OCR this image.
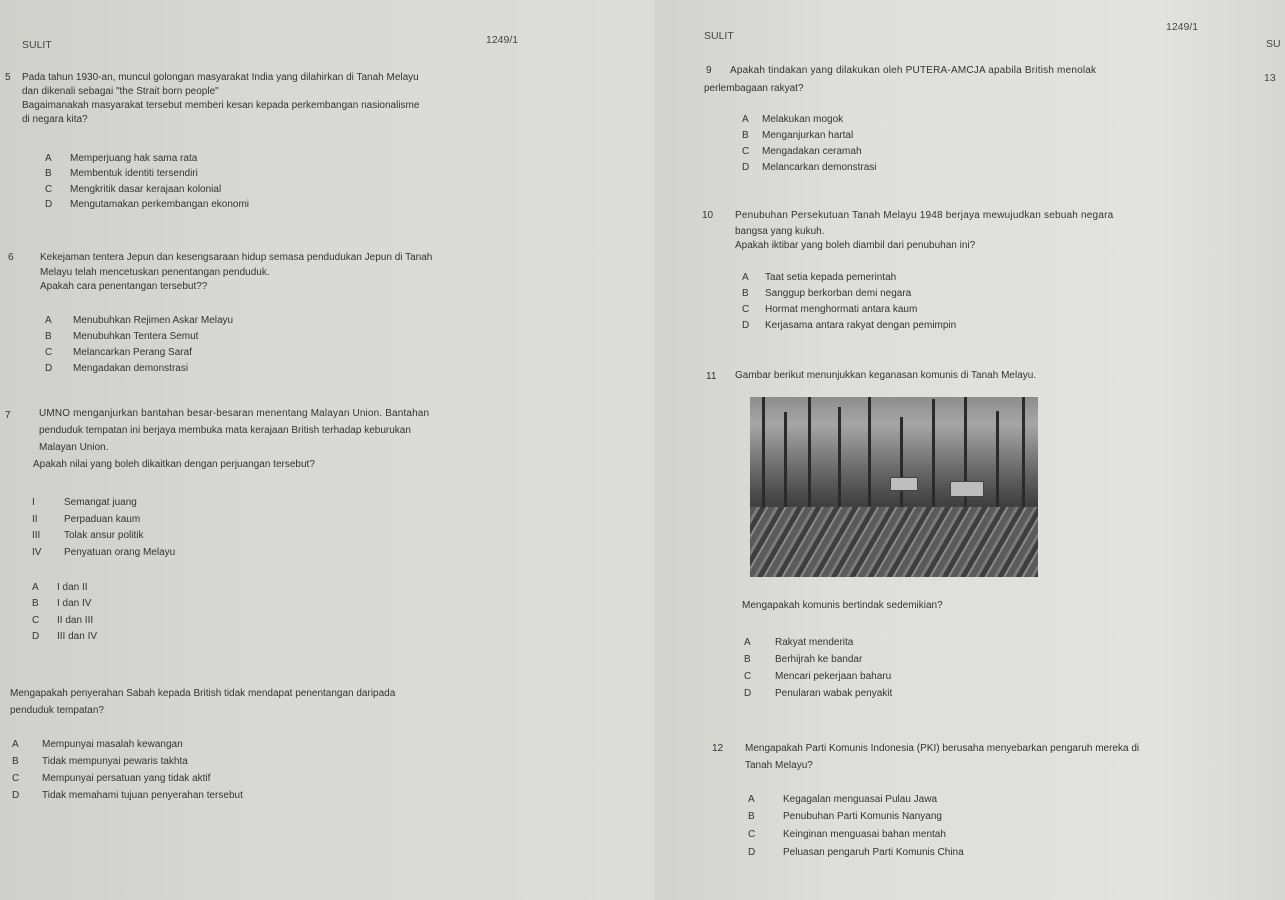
SULIT	1249/1
5 Pada tahun 1930-an, muncul golongan masyarakat India yang dilahirkan di Tanah Melayu
dan dikenali sebagai "the Strait born people"
Bagaimanakah masyarakat tersebut memberi kesan kepada perkembangan nasionalisme
di negara kita?
A Memperjuang hak sama rata
B Membentuk identiti tersendiri
C Mengkritik dasar kerajaan kolonial
D Mengutamakan perkembangan ekonomi
6	Kekejaman tentera Jepun dan kesengsaraan hidup semasa pendudukan Jepun di Tanah
Melayu telah mencetuskan penentangan penduduk.
Apakah cara penentangan tersebut??
A Menubuhkan Rejimen Askar Melayu
B Menubuhkan Tentera Semut
C Melancarkan Perang Saraf
D Mengadakan demonstrasi
7	UMNO menganjurkan bantahan besar-besaran menentang Malayan Union. Bantahan
penduduk tempatan ini berjaya membuka mata kerajaan British terhadap keburukan
Malayan Union.
Apakah nilai yang boleh dikaitkan dengan perjuangan tersebut?
I	Semangat juang
II	Perpaduan kaum
III Tolak ansur politik
IV Penyatuan orang Melayu
A I dan II
B I dan IV
C II dan III
D III dan IV
Mengapakah penyerahan Sabah kepada British tidak mendapat penentangan daripada
penduduk tempatan?
A Mempunyai masalah kewangan
B Tidak mempunyai pewaris takhta
C Mempunyai persatuan yang tidak aktif
D Tidak memahami tujuan penyerahan tersebut
SULIT
1249/1
SU
13
9 Apakah tindakan yang dilakukan oleh PUTERA-AMCJA apabila British menolak
perlembagaan rakyat?
A Melakukan mogok
B Menganjurkan hartal
C Mengadakan ceramah
D Melancarkan demonstrasi
10 Penubuhan Persekutuan Tanah Melayu 1948 berjaya mewujudkan sebuah negara
bangsa yang kukuh.
Apakah iktibar yang boleh diambil dari penubuhan ini?
A Taat setia kepada pemerintah
B Sanggup berkorban demi negara
C Hormat menghormati antara kaum
D Kerjasama antara rakyat dengan pemimpin
11 Gambar berikut menunjukkan keganasan komunis di Tanah Melayu.
Mengapakah komunis bertindak sedemikian?
A Rakyat menderita
B Berhijrah ke bandar
C Mencari pekerjaan baharu
D Penularan wabak penyakit
12 Mengapakah Parti Komunis Indonesia (PKI) berusaha menyebarkan pengaruh mereka di
Tanah Melayu?
A	Kegagalan menguasai Pulau Jawa
B	Penubuhan Parti Komunis Nanyang
C	Keinginan menguasai bahan mentah
D	Peluasan pengaruh Parti Komunis China
